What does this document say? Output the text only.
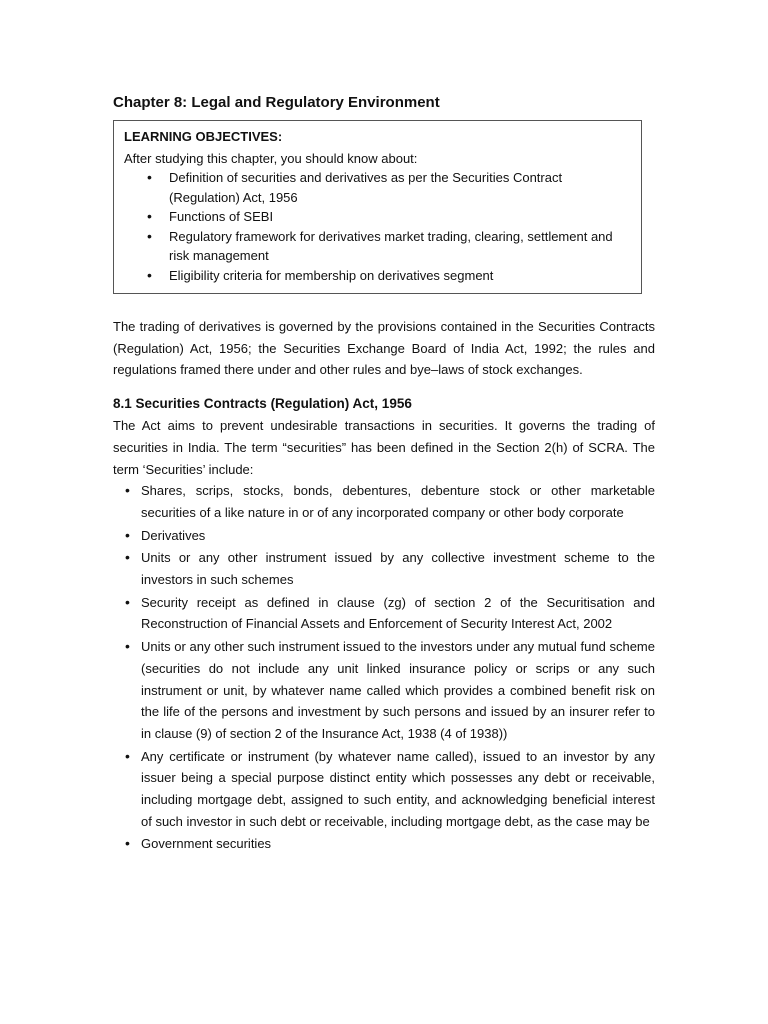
Chapter 8: Legal and Regulatory Environment

LEARNING OBJECTIVES:

After studying this chapter, you should know about:

• Definition of securities and derivatives as per the Securities Contract (Regulation) Act, 1956
• Functions of SEBI
• Regulatory framework for derivatives market trading, clearing, settlement and risk management
• Eligibility criteria for membership on derivatives segment

The trading of derivatives is governed by the provisions contained in the Securities Contracts (Regulation) Act, 1956; the Securities Exchange Board of India Act, 1992; the rules and regulations framed there under and other rules and bye–laws of stock exchanges.

8.1 Securities Contracts (Regulation) Act, 1956

The Act aims to prevent undesirable transactions in securities. It governs the trading of securities in India. The term “securities” has been defined in the Section 2(h) of SCRA. The term ‘Securities’ include:

• Shares, scrips, stocks, bonds, debentures, debenture stock or other marketable securities of a like nature in or of any incorporated company or other body corporate
• Derivatives
• Units or any other instrument issued by any collective investment scheme to the investors in such schemes
• Security receipt as defined in clause (zg) of section 2 of the Securitisation and Reconstruction of Financial Assets and Enforcement of Security Interest Act, 2002
• Units or any other such instrument issued to the investors under any mutual fund scheme (securities do not include any unit linked insurance policy or scrips or any such instrument or unit, by whatever name called which provides a combined benefit risk on the life of the persons and investment by such persons and issued by an insurer refer to in clause (9) of section 2 of the Insurance Act, 1938 (4 of 1938))
• Any certificate or instrument (by whatever name called), issued to an investor by any issuer being a special purpose distinct entity which possesses any debt or receivable, including mortgage debt, assigned to such entity, and acknowledging beneficial interest of such investor in such debt or receivable, including mortgage debt, as the case may be
• Government securities
